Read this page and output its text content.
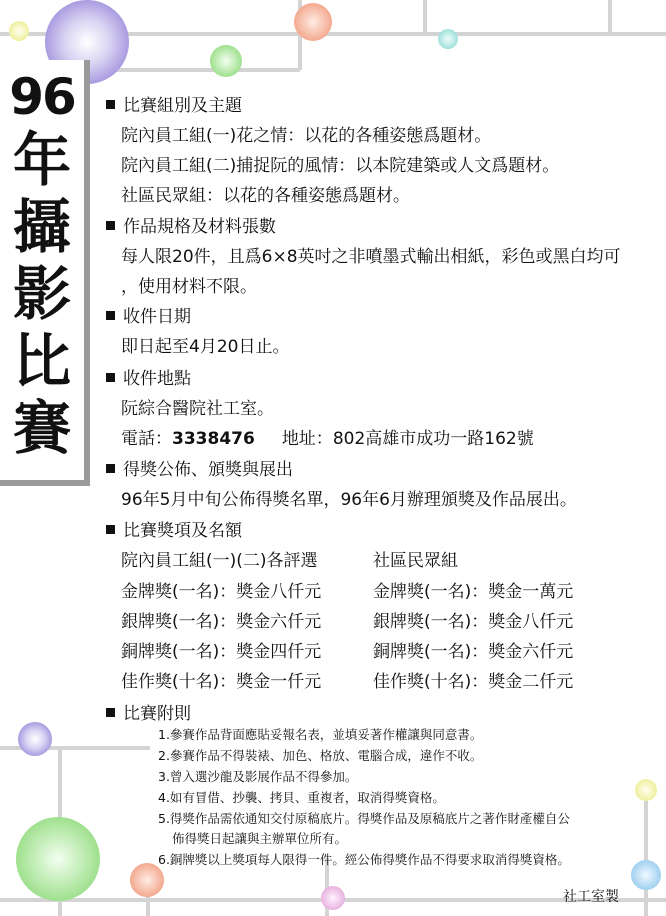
96
年
攝
影
比
賽
比賽組別及主題
院內員工組(一)花之情：以花的各種姿態爲題材。
院內員工組(二)捕捉阮的風情：以本院建築或人文爲題材。
社區民眾組：以花的各種姿態爲題材。
作品規格及材料張數
每人限20件，且爲6×8英吋之非噴墨式輸出相紙，彩色或黑白均可
，使用材料不限。
收件日期
即日起至4月20日止。
收件地點
阮綜合醫院社工室。
電話：3338476 地址：802高雄市成功一路162號
得獎公佈、頒獎與展出
96年5月中旬公佈得獎名單，96年6月辦理頒獎及作品展出。
比賽獎項及名額
院內員工組(一)(二)各評選	社區民眾組
金牌獎(一名)：獎金八仟元	金牌獎(一名)：獎金一萬元
銀牌獎(一名)：獎金六仟元	銀牌獎(一名)：獎金八仟元
銅牌獎(一名)：獎金四仟元	銅牌獎(一名)：獎金六仟元
佳作獎(十名)：獎金一仟元	佳作獎(十名)：獎金二仟元
比賽附則
1.參賽作品背面應貼妥報名表，並填妥著作權讓與同意書。
2.參賽作品不得裝裱、加色、格放、電腦合成，違作不收。
3.曾入選沙龍及影展作品不得參加。
4.如有冒借、抄襲、拷貝、重複者，取消得獎資格。
5.得獎作品需依通知交付原稿底片。得獎作品及原稿底片之著作財產權自公
佈得獎日起讓與主辦單位所有。
6.銅牌獎以上獎項每人限得一件。經公佈得獎作品不得要求取消得獎資格。
社工室製
